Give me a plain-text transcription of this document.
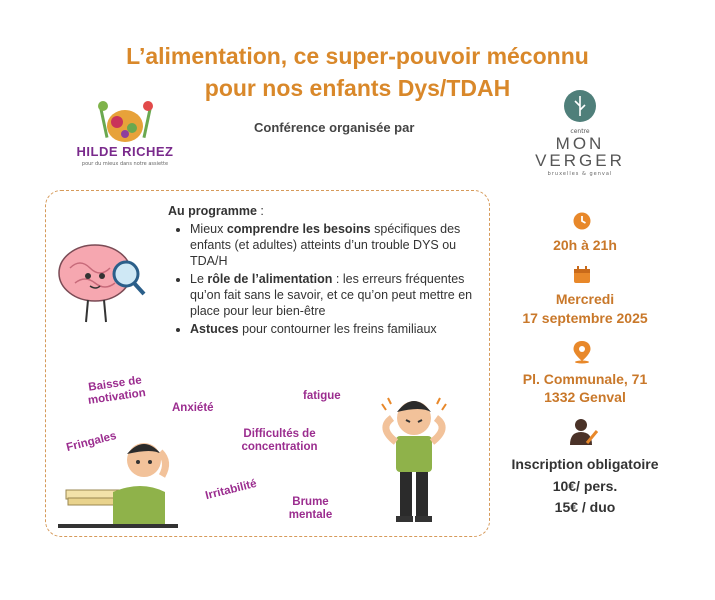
L’alimentation, ce super-pouvoir méconnu
pour nos enfants Dys/TDAH
HILDE RICHEZ
pour du mieux dans notre assiette
Conférence organisée par	centre
MON
VERGER
bruxelles & genval
Au programme :
• Mieux comprendre les besoins spécifiques des enfants (et adultes) atteints d’un trouble DYS ou TDA/H
• Le rôle de l’alimentation : les erreurs fréquentes qu’on fait sans le savoir, et ce qu’on peut mettre en place pour leur bien-être
• Astuces pour contourner les freins familiaux
Baisse de motivation
Anxiété
fatigue
Fringales	Difficultés de concentration
Irritabilité	Brume mentale
20h à 21h
Mercredi
17 septembre 2025
Pl. Communale, 71
1332 Genval
Inscription obligatoire
10€/ pers.
15€ / duo
